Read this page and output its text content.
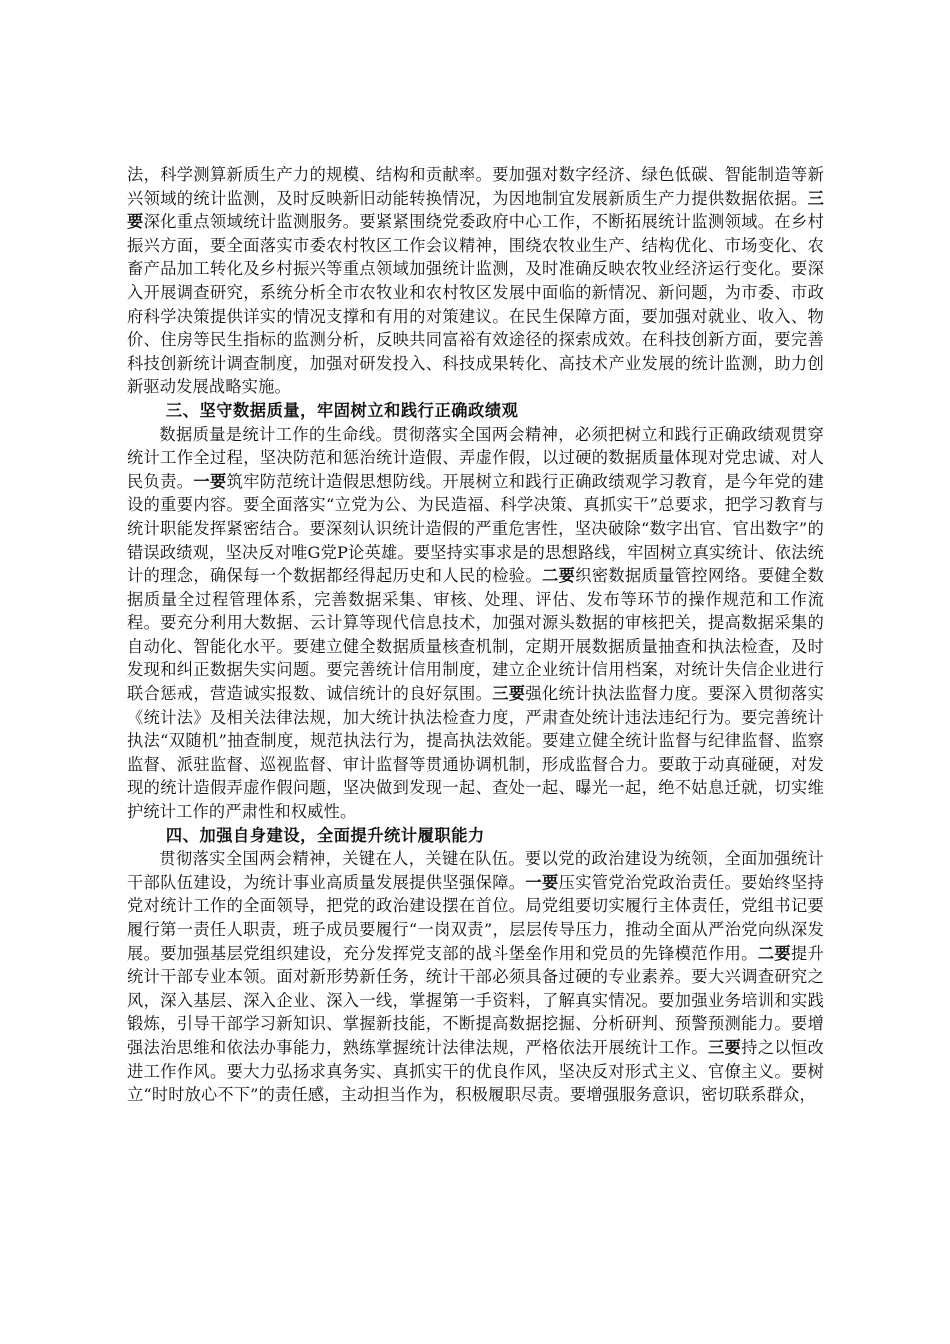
法，科学测算新质生产力的规模、结构和贡献率。要加强对数字经济、绿色低碳、智能制造等新兴领域的统计监测，及时反映新旧动能转换情况，为因地制宜发展新质生产力提供数据依据。三要深化重点领域统计监测服务。要紧紧围绕党委政府中心工作，不断拓展统计监测领域。在乡村振兴方面，要全面落实市委农村牧区工作会议精神，围绕农牧业生产、结构优化、市场变化、农畜产品加工转化及乡村振兴等重点领域加强统计监测，及时准确反映农牧业经济运行变化。要深入开展调查研究，系统分析全市农牧业和农村牧区发展中面临的新情况、新问题，为市委、市政府科学决策提供详实的情况支撑和有用的对策建议。在民生保障方面，要加强对就业、收入、物价、住房等民生指标的监测分析，反映共同富裕有效途径的探索成效。在科技创新方面，要完善科技创新统计调查制度，加强对研发投入、科技成果转化、高技术产业发展的统计监测，助力创新驱动发展战略实施。

三、坚守数据质量，牢固树立和践行正确政绩观

数据质量是统计工作的生命线。贯彻落实全国两会精神，必须把树立和践行正确政绩观贯穿统计工作全过程，坚决防范和惩治统计造假、弄虚作假，以过硬的数据质量体现对党忠诚、对人民负责。一要筑牢防范统计造假思想防线。开展树立和践行正确政绩观学习教育，是今年党的建设的重要内容。要全面落实“立党为公、为民造福、科学决策、真抓实干”总要求，把学习教育与统计职能发挥紧密结合。要深刻认识统计造假的严重危害性，坚决破除“数字出官、官出数字”的错误政绩观，坚决反对唯G党P论英雄。要坚持实事求是的思想路线，牢固树立真实统计、依法统计的理念，确保每一个数据都经得起历史和人民的检验。二要织密数据质量管控网络。要健全数据质量全过程管理体系，完善数据采集、审核、处理、评估、发布等环节的操作规范和工作流程。要充分利用大数据、云计算等现代信息技术，加强对源头数据的审核把关，提高数据采集的自动化、智能化水平。要建立健全数据质量核查机制，定期开展数据质量抽查和执法检查，及时发现和纠正数据失实问题。要完善统计信用制度，建立企业统计信用档案，对统计失信企业进行联合惩戒，营造诚实报数、诚信统计的良好氛围。三要强化统计执法监督力度。要深入贯彻落实《统计法》及相关法律法规，加大统计执法检查力度，严肃查处统计违法违纪行为。要完善统计执法“双随机”抽查制度，规范执法行为，提高执法效能。要建立健全统计监督与纪律监督、监察监督、派驻监督、巡视监督、审计监督等贯通协调机制，形成监督合力。要敢于动真碰硬，对发现的统计造假弄虚作假问题，坚决做到发现一起、查处一起、曝光一起，绝不姑息迁就，切实维护统计工作的严肃性和权威性。

四、加强自身建设，全面提升统计履职能力

贯彻落实全国两会精神，关键在人，关键在队伍。要以党的政治建设为统领，全面加强统计干部队伍建设，为统计事业高质量发展提供坚强保障。一要压实管党治党政治责任。要始终坚持党对统计工作的全面领导，把党的政治建设摆在首位。局党组要切实履行主体责任，党组书记要履行第一责任人职责，班子成员要履行“一岗双责”，层层传导压力，推动全面从严治党向纵深发展。要加强基层党组织建设，充分发挥党支部的战斗堡垒作用和党员的先锋模范作用。二要提升统计干部专业本领。面对新形势新任务，统计干部必须具备过硬的专业素养。要大兴调查研究之风，深入基层、深入企业、深入一线，掌握第一手资料，了解真实情况。要加强业务培训和实践锻炼，引导干部学习新知识、掌握新技能，不断提高数据挖掘、分析研判、预警预测能力。要增强法治思维和依法办事能力，熟练掌握统计法律法规，严格依法开展统计工作。三要持之以恒改进工作作风。要大力弘扬求真务实、真抓实干的优良作风，坚决反对形式主义、官僚主义。要树立“时时放心不下”的责任感，主动担当作为，积极履职尽责。要增强服务意识，密切联系群众，
